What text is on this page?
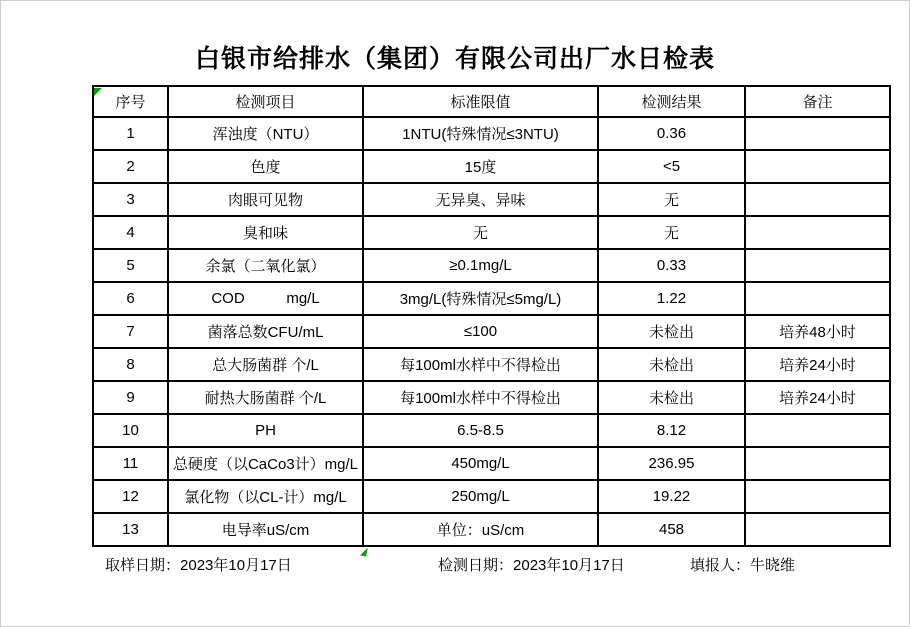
白银市给排水（集团）有限公司出厂水日检表
序号	检测项目	标准限值	检测结果	备注
1	浑浊度（NTU）	1NTU(特殊情况≤3NTU)	0.36	
2	色度	15度	<5	
3	肉眼可见物	无异臭、异味	无	
4	臭和味	无	无	
5	余氯（二氧化氯）	≥0.1mg/L	0.33	
6	COD          mg/L	3mg/L(特殊情况≤5mg/L)	1.22	
7	菌落总数CFU/mL	≤100	未检出	培养48小时
8	总大肠菌群 个/L	每100ml水样中不得检出	未检出	培养24小时
9	耐热大肠菌群 个/L	每100ml水样中不得检出	未检出	培养24小时
10	PH	6.5-8.5	8.12	
11	总硬度（以CaCo3计）mg/L	450mg/L	236.95	
12	氯化物（以CL-计）mg/L	250mg/L	19.22	
13	电导率uS/cm	单位：uS/cm	458	
取样日期：2023年10月17日	检测日期：2023年10月17日	填报人：牛晓维
